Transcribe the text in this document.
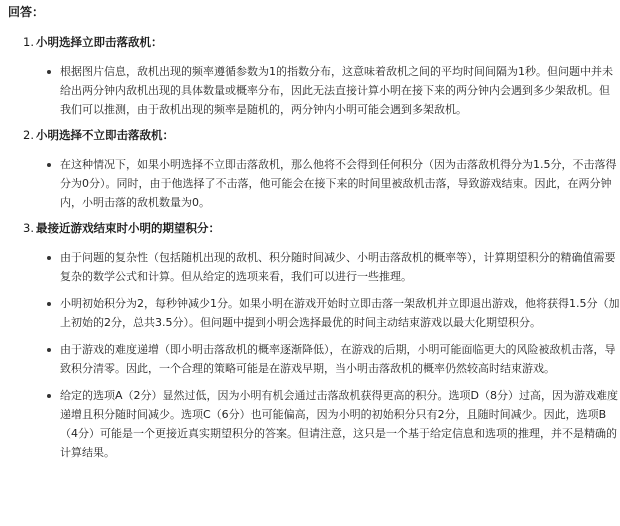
回答：
1. 小明选择立即击落敌机：
根据图片信息，敌机出现的频率遵循参数为1的指数分布，这意味着敌机之间的平均时间间隔为1秒。但问题中并未给出两分钟内敌机出现的具体数量或概率分布，因此无法直接计算小明在接下来的两分钟内会遇到多少架敌机。但我们可以推测，由于敌机出现的频率是随机的，两分钟内小明可能会遇到多架敌机。
2. 小明选择不立即击落敌机：
在这种情况下，如果小明选择不立即击落敌机，那么他将不会得到任何积分（因为击落敌机得分为1.5分，不击落得分为0分）。同时，由于他选择了不击落，他可能会在接下来的时间里被敌机击落，导致游戏结束。因此，在两分钟内，小明击落的敌机数量为0。
3. 最接近游戏结束时小明的期望积分：
由于问题的复杂性（包括随机出现的敌机、积分随时间减少、小明击落敌机的概率等），计算期望积分的精确值需要复杂的数学公式和计算。但从给定的选项来看，我们可以进行一些推理。
小明初始积分为2，每秒钟减少1分。如果小明在游戏开始时立即击落一架敌机并立即退出游戏，他将获得1.5分（加上初始的2分，总共3.5分）。但问题中提到小明会选择最优的时间主动结束游戏以最大化期望积分。
由于游戏的难度递增（即小明击落敌机的概率逐渐降低），在游戏的后期，小明可能面临更大的风险被敌机击落，导致积分清零。因此，一个合理的策略可能是在游戏早期，当小明击落敌机的概率仍然较高时结束游戏。
给定的选项A（2分）显然过低，因为小明有机会通过击落敌机获得更高的积分。选项D（8分）过高，因为游戏难度递增且积分随时间减少。选项C（6分）也可能偏高，因为小明的初始积分只有2分，且随时间减少。因此，选项B（4分）可能是一个更接近真实期望积分的答案。但请注意，这只是一个基于给定信息和选项的推理，并不是精确的计算结果。
